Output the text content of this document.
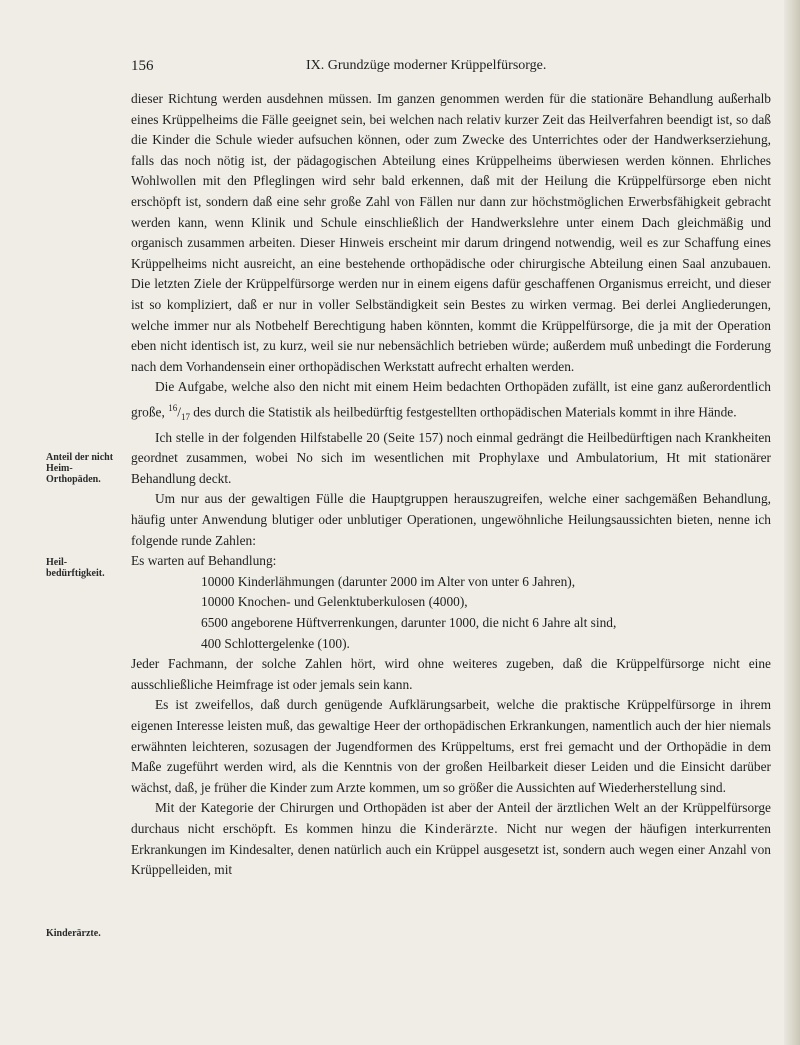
156	IX. Grundzüge moderner Krüppelfürsorge.
Anteil der nicht Heim-Orthopäden.
Heil-bedürftigkeit.
Kinderärzte.

dieser Richtung werden ausdehnen müssen. Im ganzen genommen werden für die stationäre Behandlung außerhalb eines Krüppelheims die Fälle geeignet sein, bei welchen nach relativ kurzer Zeit das Heilverfahren beendigt ist, so daß die Kinder die Schule wieder aufsuchen können, oder zum Zwecke des Unterrichtes oder der Handwerkserziehung, falls das noch nötig ist, der pädagogischen Abteilung eines Krüppelheims überwiesen werden können. Ehrliches Wohlwollen mit den Pfleglingen wird sehr bald erkennen, daß mit der Heilung die Krüppelfürsorge eben nicht erschöpft ist, sondern daß eine sehr große Zahl von Fällen nur dann zur höchstmöglichen Erwerbsfähigkeit gebracht werden kann, wenn Klinik und Schule einschließlich der Handwerkslehre unter einem Dach gleichmäßig und organisch zusammen arbeiten. Dieser Hinweis erscheint mir darum dringend notwendig, weil es zur Schaffung eines Krüppelheims nicht ausreicht, an eine bestehende orthopädische oder chirurgische Abteilung einen Saal anzubauen. Die letzten Ziele der Krüppelfürsorge werden nur in einem eigens dafür geschaffenen Organismus erreicht, und dieser ist so kompliziert, daß er nur in voller Selbständigkeit sein Bestes zu wirken vermag. Bei derlei Angliederungen, welche immer nur als Notbehelf Berechtigung haben könnten, kommt die Krüppelfürsorge, die ja mit der Operation eben nicht identisch ist, zu kurz, weil sie nur nebensächlich betrieben würde; außerdem muß unbedingt die Forderung nach dem Vorhandensein einer orthopädischen Werkstatt aufrecht erhalten werden.

Die Aufgabe, welche also den nicht mit einem Heim bedachten Orthopäden zufällt, ist eine ganz außerordentlich große, $^{16}/_{17}$ des durch die Statistik als heilbedürftig festgestellten orthopädischen Materials kommt in ihre Hände.

Ich stelle in der folgenden Hilfstabelle 20 (Seite 157) noch einmal gedrängt die Heilbedürftigen nach Krankheiten geordnet zusammen, wobei No sich im wesentlichen mit Prophylaxe und Ambulatorium, Ht mit stationärer Behandlung deckt.

Um nur aus der gewaltigen Fülle die Hauptgruppen herauszugreifen, welche einer sachgemäßen Behandlung, häufig unter Anwendung blutiger oder unblutiger Operationen, ungewöhnliche Heilungsaussichten bieten, nenne ich folgende runde Zahlen:

Es warten auf Behandlung:

10000 Kinderlähmungen (darunter 2000 im Alter von unter 6 Jahren),
10000 Knochen- und Gelenktuberkulosen (4000),
6500 angeborene Hüftverrenkungen, darunter 1000, die nicht 6 Jahre alt sind,
400 Schlottergelenke (100).

Jeder Fachmann, der solche Zahlen hört, wird ohne weiteres zugeben, daß die Krüppelfürsorge nicht eine ausschließliche Heimfrage ist oder jemals sein kann.

Es ist zweifellos, daß durch genügende Aufklärungsarbeit, welche die praktische Krüppelfürsorge in ihrem eigenen Interesse leisten muß, das gewaltige Heer der orthopädischen Erkrankungen, namentlich auch der hier niemals erwähnten leichteren, sozusagen der Jugendformen des Krüppeltums, erst frei gemacht und der Orthopädie in dem Maße zugeführt werden wird, als die Kenntnis von der großen Heilbarkeit dieser Leiden und die Einsicht darüber wächst, daß, je früher die Kinder zum Arzte kommen, um so größer die Aussichten auf Wiederherstellung sind.

Mit der Kategorie der Chirurgen und Orthopäden ist aber der Anteil der ärztlichen Welt an der Krüppelfürsorge durchaus nicht erschöpft. Es kommen hinzu die Kinderärzte. Nicht nur wegen der häufigen interkurrenten Erkrankungen im Kindesalter, denen natürlich auch ein Krüppel ausgesetzt ist, sondern auch wegen einer Anzahl von Krüppelleiden, mit
